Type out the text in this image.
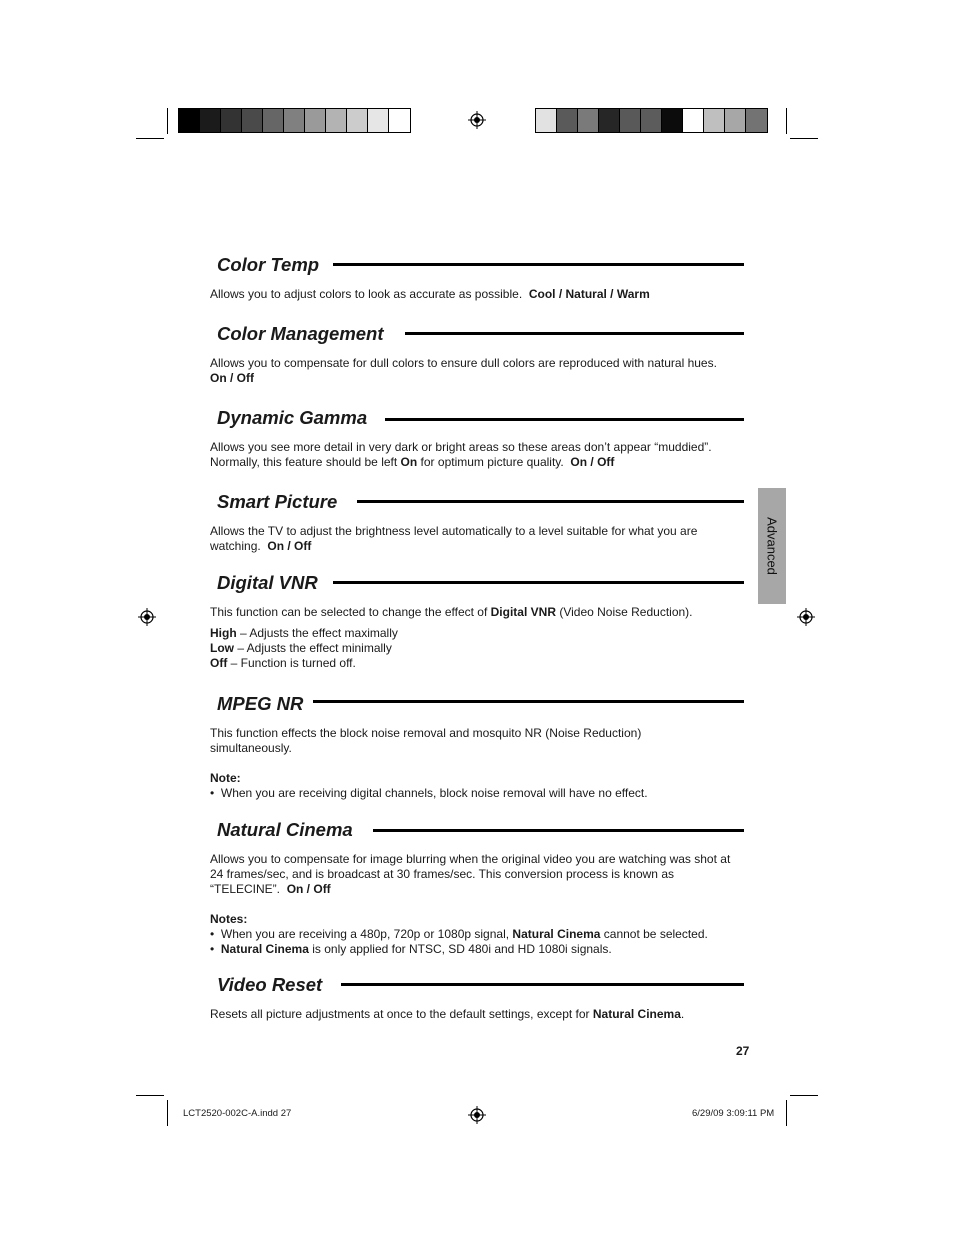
Advanced
Color Temp

Allows you to adjust colors to look as accurate as possible. Cool / Natural / Warm

Color Management

Allows you to compensate for dull colors to ensure dull colors are reproduced with natural hues.

On / Off

Dynamic Gamma

Allows you see more detail in very dark or bright areas so these areas don’t appear “muddied”. Normally, this feature should be left On for optimum picture quality. On / Off

Smart Picture

Allows the TV to adjust the brightness level automatically to a level suitable for what you are watching. On / Off

Digital VNR

This function can be selected to change the effect of Digital VNR (Video Noise Reduction).

High – Adjusts the effect maximally

Low – Adjusts the effect minimally

Off – Function is turned off.

MPEG NR

This function effects the block noise removal and mosquito NR (Noise Reduction) simultaneously.

Note:

•  When you are receiving digital channels, block noise removal will have no effect.

Natural Cinema

Allows you to compensate for image blurring when the original video you are watching was shot at 24 frames/sec, and is broadcast at 30 frames/sec. This conversion process is known as “TELECINE”. On / Off

Notes:

•  When you are receiving a 480p, 720p or 1080p signal, Natural Cinema cannot be selected.

•  Natural Cinema is only applied for NTSC, SD 480i and HD 1080i signals.

Video Reset

Resets all picture adjustments at once to the default settings, except for Natural Cinema.

27
LCT2520-002C-A.indd 27	6/29/09 3:09:11 PM
